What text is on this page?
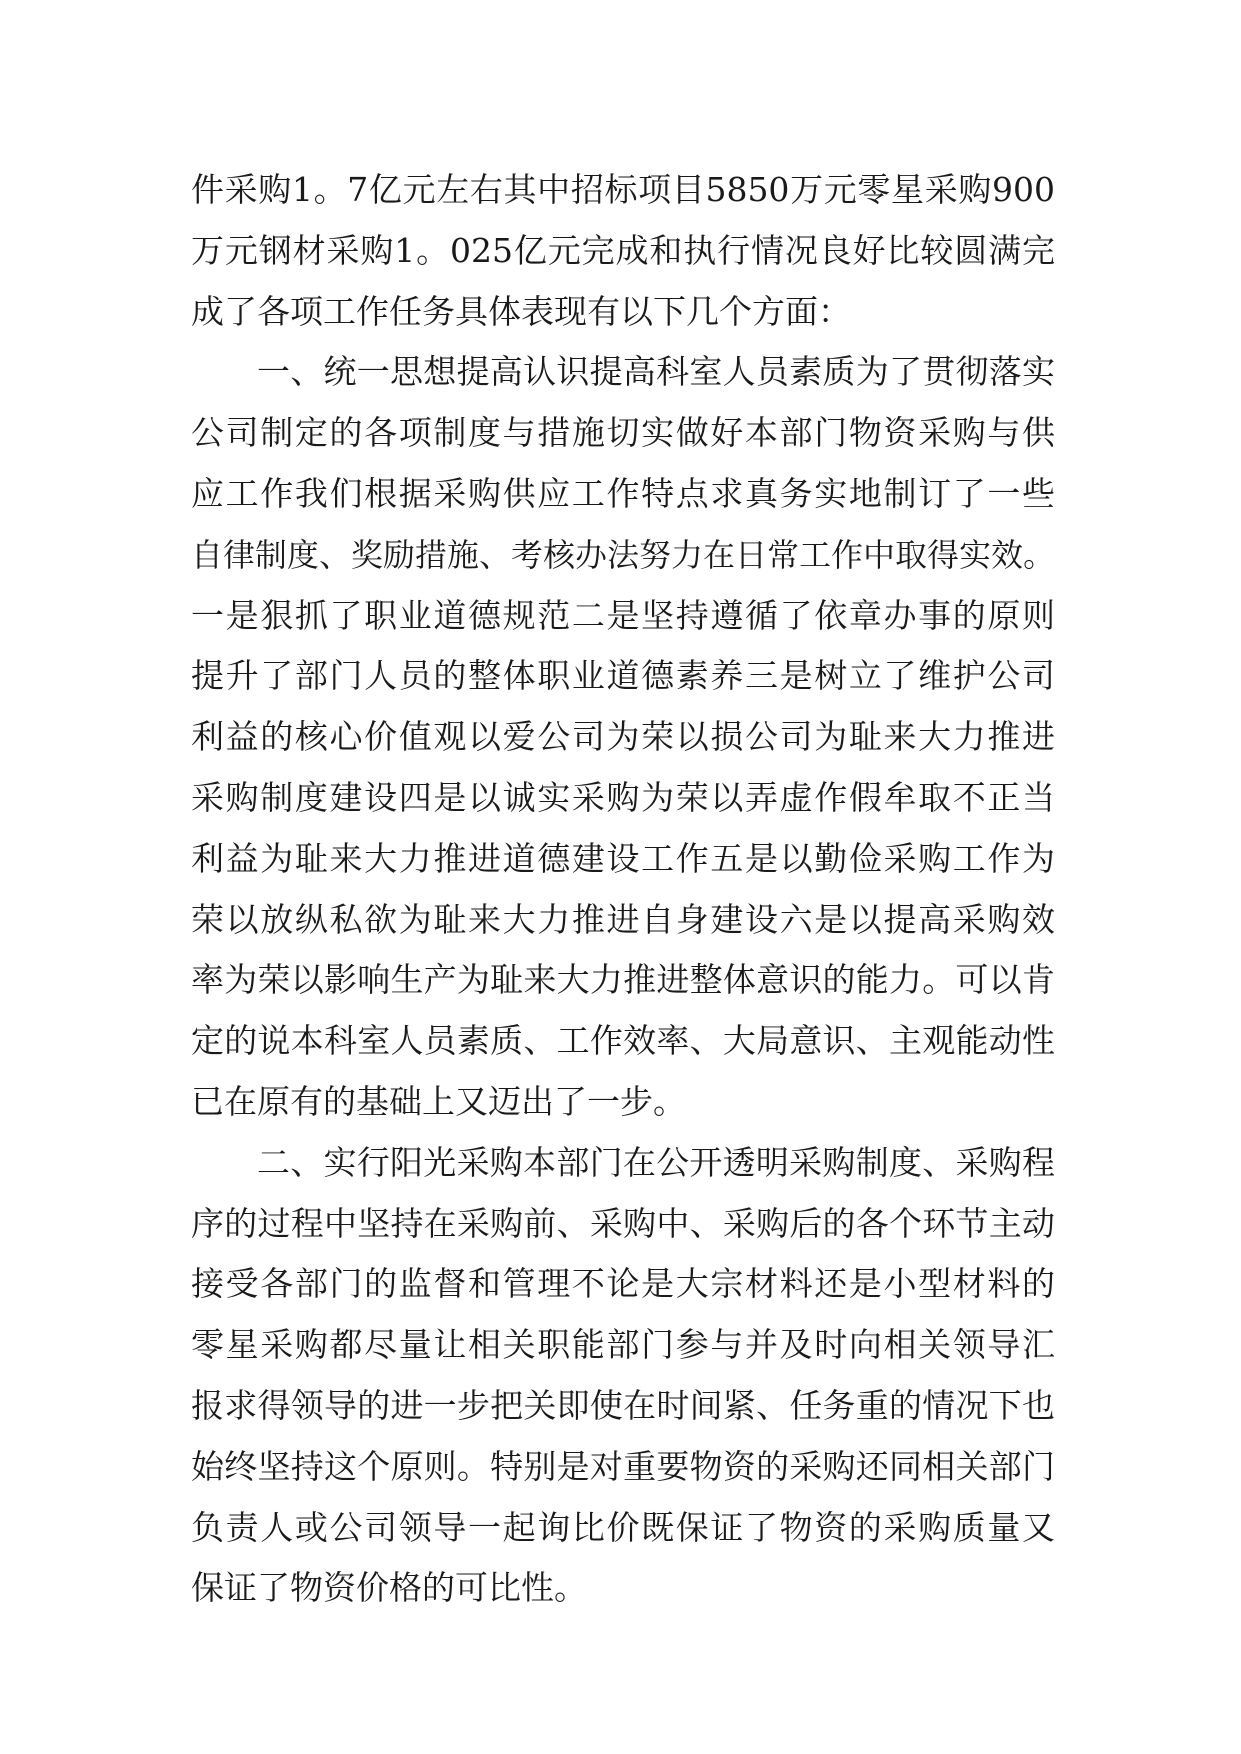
件采购1。7亿元左右其中招标项目5850万元零星采购900
万元钢材采购1。025亿元完成和执行情况良好比较圆满完
成了各项工作任务具体表现有以下几个方面：
一、统一思想提高认识提高科室人员素质为了贯彻落实
公司制定的各项制度与措施切实做好本部门物资采购与供
应工作我们根据采购供应工作特点求真务实地制订了一些
自律制度、奖励措施、考核办法努力在日常工作中取得实效。
一是狠抓了职业道德规范二是坚持遵循了依章办事的原则
提升了部门人员的整体职业道德素养三是树立了维护公司
利益的核心价值观以爱公司为荣以损公司为耻来大力推进
采购制度建设四是以诚实采购为荣以弄虚作假牟取不正当
利益为耻来大力推进道德建设工作五是以勤俭采购工作为
荣以放纵私欲为耻来大力推进自身建设六是以提高采购效
率为荣以影响生产为耻来大力推进整体意识的能力。可以肯
定的说本科室人员素质、工作效率、大局意识、主观能动性
已在原有的基础上又迈出了一步。
二、实行阳光采购本部门在公开透明采购制度、采购程
序的过程中坚持在采购前、采购中、采购后的各个环节主动
接受各部门的监督和管理不论是大宗材料还是小型材料的
零星采购都尽量让相关职能部门参与并及时向相关领导汇
报求得领导的进一步把关即使在时间紧、任务重的情况下也
始终坚持这个原则。特别是对重要物资的采购还同相关部门
负责人或公司领导一起询比价既保证了物资的采购质量又
保证了物资价格的可比性。
